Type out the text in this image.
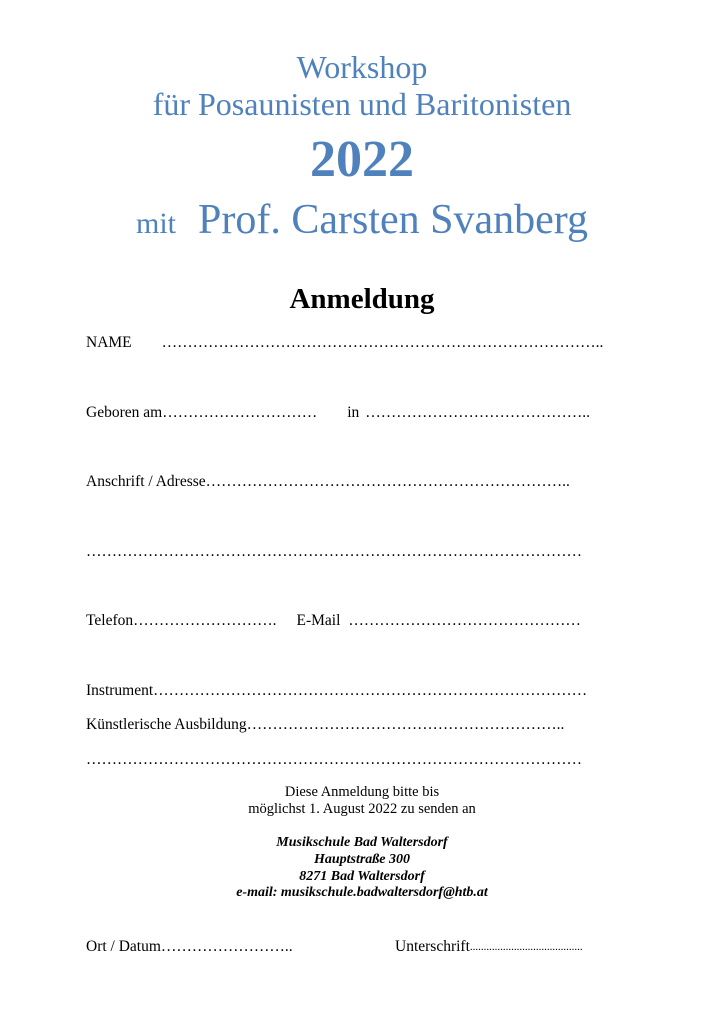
Workshop
für Posaunisten und Baritonisten
2022
mit Prof. Carsten Svanberg
Anmeldung
NAME …………………………………………………………………………..
Geboren am………………………… in ……………………………………..
Anschrift / Adresse……………………………………………………………..
……………………………………………………………………………………
Telefon………………………. E-Mail ………………………………………
Instrument…………………………………………………………………………
Künstlerische Ausbildung……………………………………………………..
……………………………………………………………………………………
Diese Anmeldung bitte bis
möglichst 1. August 2022 zu senden an
Musikschule Bad Waltersdorf
Hauptstraße 300
8271 Bad Waltersdorf
e-mail: musikschule.badwaltersdorf@htb.at
Ort / Datum……………………..	Unterschrift.........................................
